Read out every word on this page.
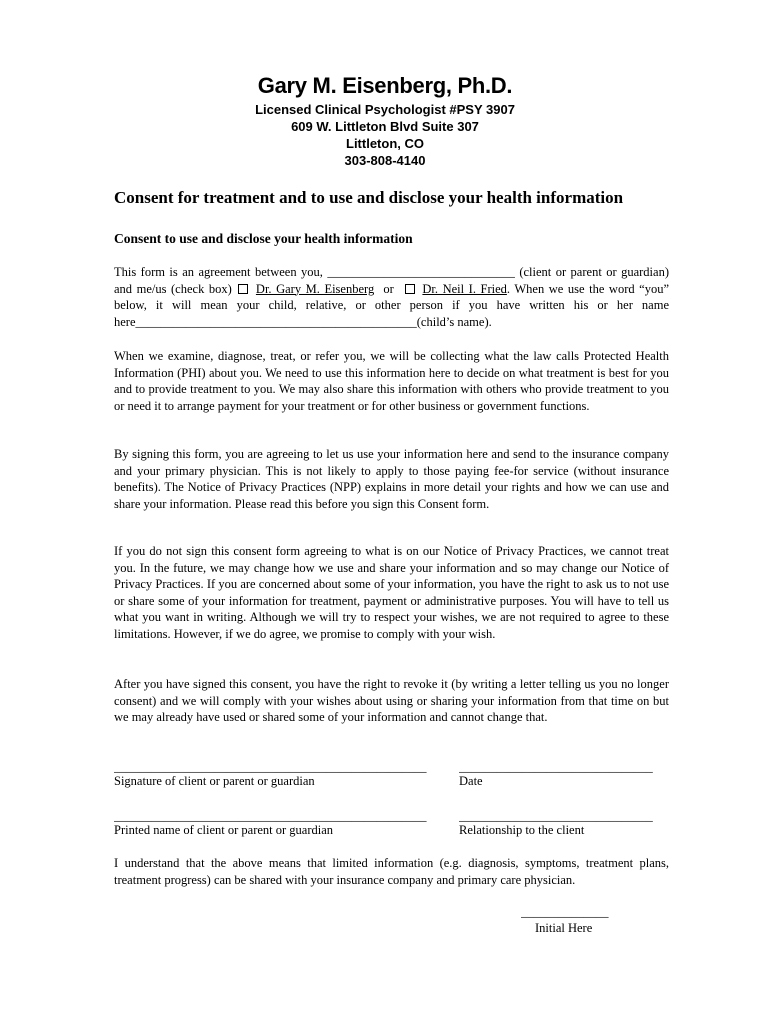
Gary M. Eisenberg, Ph.D.
Licensed Clinical Psychologist #PSY 3907
609 W. Littleton Blvd Suite 307
Littleton, CO
303-808-4140
Consent for treatment and to use and disclose your health information
Consent to use and disclose your health information

This form is an agreement between you, ______________________________ (client or parent or guardian) and me/us (check box) Dr. Gary M. Eisenberg or Dr. Neil I. Fried. When we use the word “you” below, it will mean your child, relative, or other person if you have written his or her name here_____________________________________________(child’s name).

When we examine, diagnose, treat, or refer you, we will be collecting what the law calls Protected Health Information (PHI) about you. We need to use this information here to decide on what treatment is best for you and to provide treatment to you. We may also share this information with others who provide treatment to you or need it to arrange payment for your treatment or for other business or government functions.

By signing this form, you are agreeing to let us use your information here and send to the insurance company and your primary physician. This is not likely to apply to those paying fee-for service (without insurance benefits). The Notice of Privacy Practices (NPP) explains in more detail your rights and how we can use and share your information. Please read this before you sign this Consent form.

If you do not sign this consent form agreeing to what is on our Notice of Privacy Practices, we cannot treat you. In the future, we may change how we use and share your information and so may change our Notice of Privacy Practices. If you are concerned about some of your information, you have the right to ask us to not use or share some of your information for treatment, payment or administrative purposes. You will have to tell us what you want in writing. Although we will try to respect your wishes, we are not required to agree to these limitations. However, if we do agree, we promise to comply with your wish.

After you have signed this consent, you have the right to revoke it (by writing a letter telling us you no longer consent) and we will comply with your wishes about using or sharing your information from that time on but we may already have used or shared some of your information and cannot change that.

__________________________________________________
Signature of client or parent or guardian
_______________________________
Date
__________________________________________________
Printed name of client or parent or guardian
_______________________________
Relationship to the client

I understand that the above means that limited information (e.g. diagnosis, symptoms, treatment plans, treatment progress) can be shared with your insurance company and primary care physician.

______________
Initial Here
